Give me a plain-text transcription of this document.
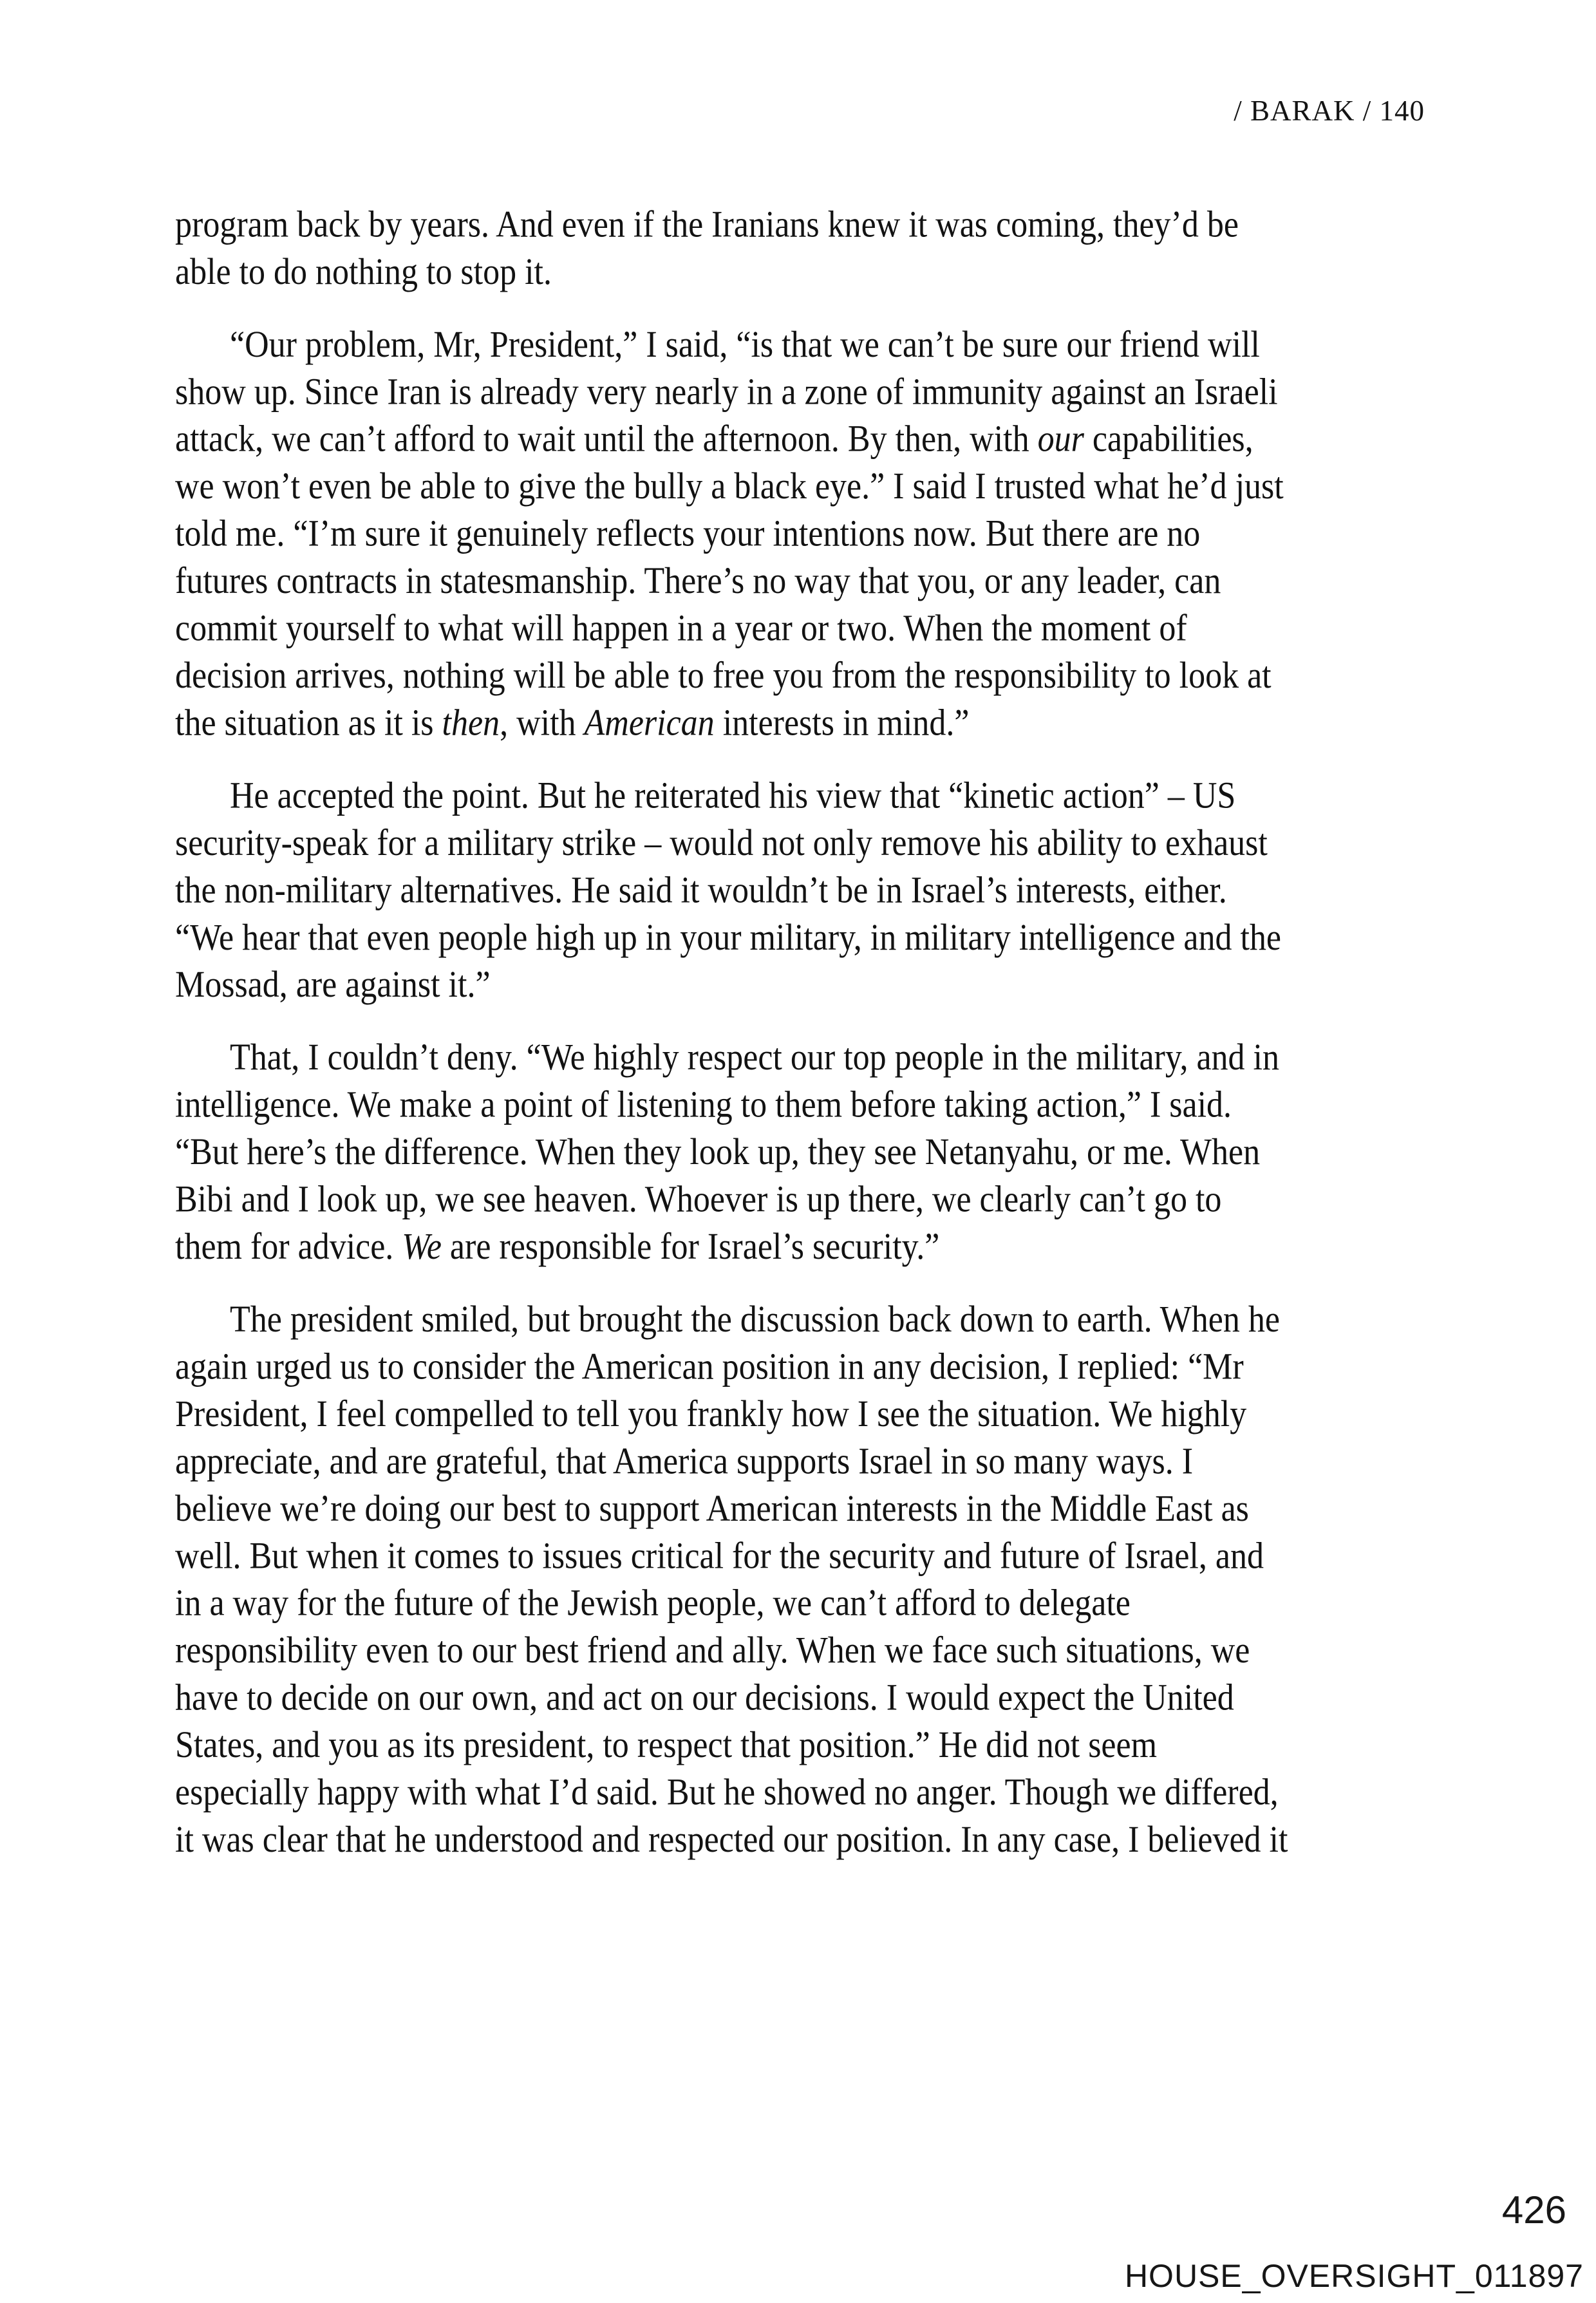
/ BARAK / 140
program back by years. And even if the Iranians knew it was coming, they’d be
able to do nothing to stop it.
“Our problem, Mr, President,” I said, “is that we can’t be sure our friend will
show up. Since Iran is already very nearly in a zone of immunity against an Israeli
attack, we can’t afford to wait until the afternoon. By then, with our capabilities,
we won’t even be able to give the bully a black eye.” I said I trusted what he’d just
told me. “I’m sure it genuinely reflects your intentions now. But there are no
futures contracts in statesmanship. There’s no way that you, or any leader, can
commit yourself to what will happen in a year or two. When the moment of
decision arrives, nothing will be able to free you from the responsibility to look at
the situation as it is then, with American interests in mind.”
He accepted the point. But he reiterated his view that “kinetic action” – US
security-speak for a military strike – would not only remove his ability to exhaust
the non-military alternatives. He said it wouldn’t be in Israel’s interests, either.
“We hear that even people high up in your military, in military intelligence and the
Mossad, are against it.”
That, I couldn’t deny. “We highly respect our top people in the military, and in
intelligence. We make a point of listening to them before taking action,” I said.
“But here’s the difference. When they look up, they see Netanyahu, or me. When
Bibi and I look up, we see heaven. Whoever is up there, we clearly can’t go to
them for advice. We are responsible for Israel’s security.”
The president smiled, but brought the discussion back down to earth. When he
again urged us to consider the American position in any decision, I replied: “Mr
President, I feel compelled to tell you frankly how I see the situation. We highly
appreciate, and are grateful, that America supports Israel in so many ways. I
believe we’re doing our best to support American interests in the Middle East as
well. But when it comes to issues critical for the security and future of Israel, and
in a way for the future of the Jewish people, we can’t afford to delegate
responsibility even to our best friend and ally. When we face such situations, we
have to decide on our own, and act on our decisions. I would expect the United
States, and you as its president, to respect that position.” He did not seem
especially happy with what I’d said. But he showed no anger. Though we differed,
it was clear that he understood and respected our position. In any case, I believed it
426
HOUSE_OVERSIGHT_011897
